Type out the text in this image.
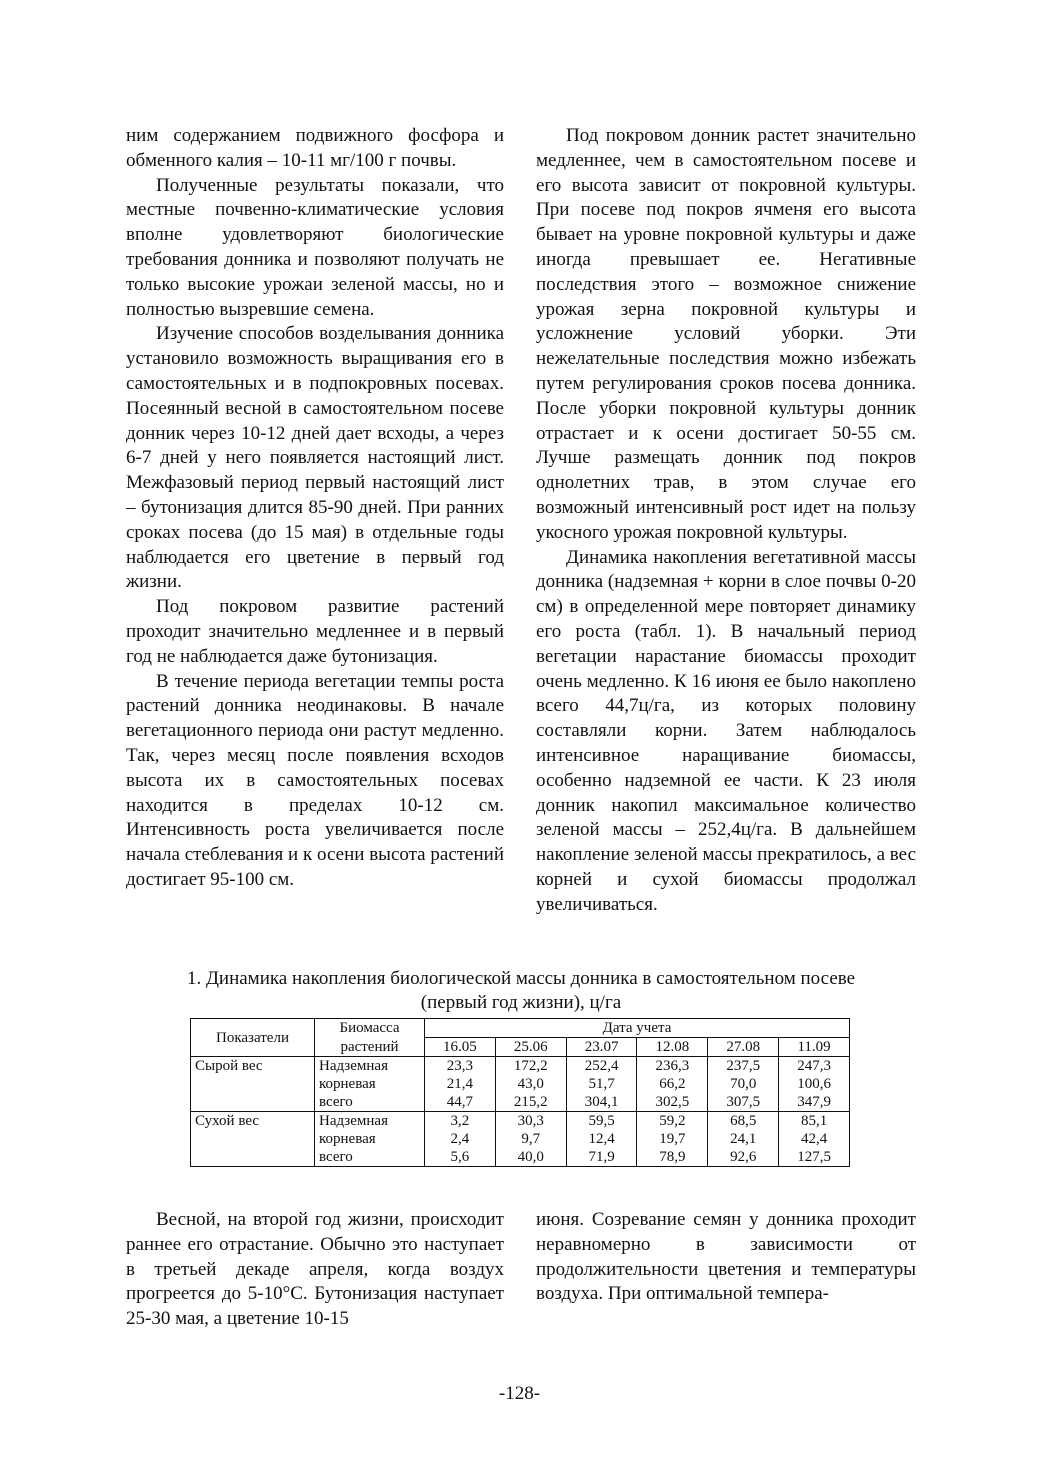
ним содержанием подвижного фосфора и обменного калия – 10-11 мг/100 г почвы.

Полученные результаты показали, что местные почвенно-климатические условия вполне удовлетворяют биологические требования донника и позволяют получать не только высокие урожаи зеленой массы, но и полностью вызревшие семена.

Изучение способов возделывания донника установило возможность выращивания его в самостоятельных и в подпокровных посевах. Посеянный весной в самостоятельном посеве донник через 10-12 дней дает всходы, а через 6-7 дней у него появляется настоящий лист. Межфазовый период первый настоящий лист – бутонизация длится 85-90 дней. При ранних сроках посева (до 15 мая) в отдельные годы наблюдается его цветение в первый год жизни.

Под покровом развитие растений проходит значительно медленнее и в первый год не наблюдается даже бутонизация.

В течение периода вегетации темпы роста растений донника неодинаковы. В начале вегетационного периода они растут медленно. Так, через месяц после появления всходов высота их в самостоятельных посевах находится в пределах 10-12 см. Интенсивность роста увеличивается после начала стеблевания и к осени высота растений достигает 95-100 см.

Под покровом донник растет значительно медленнее, чем в самостоятельном посеве и его высота зависит от покровной культуры. При посеве под покров ячменя его высота бывает на уровне покровной культуры и даже иногда превышает ее. Негативные последствия этого – возможное снижение урожая зерна покровной культуры и усложнение условий уборки. Эти нежелательные последствия можно избежать путем регулирования сроков посева донника. После уборки покровной культуры донник отрастает и к осени достигает 50-55 см. Лучше размещать донник под покров однолетних трав, в этом случае его возможный интенсивный рост идет на пользу укосного урожая покровной культуры.

Динамика накопления вегетативной массы донника (надземная + корни в слое почвы 0-20 см) в определенной мере повторяет динамику его роста (табл. 1). В начальный период вегетации нарастание биомассы проходит очень медленно. К 16 июня ее было накоплено всего 44,7ц/га, из которых половину составляли корни. Затем наблюдалось интенсивное наращивание биомассы, особенно надземной ее части. К 23 июля донник накопил максимальное количество зеленой массы – 252,4ц/га. В дальнейшем накопление зеленой массы прекратилось, а вес корней и сухой биомассы продолжал увеличиваться.

1. Динамика накопления биологической массы донника в самостоятельном посеве
(первый год жизни), ц/га
Показатели	Биомасса	Дата учета					
	растений	16.05	25.06	23.07	12.08	27.08	11.09
Сырой вес	Надземная	23,3	172,2	252,4	236,3	237,5	247,3
	корневая	21,4	43,0	51,7	66,2	70,0	100,6
	всего	44,7	215,2	304,1	302,5	307,5	347,9
Сухой вес	Надземная	3,2	30,3	59,5	59,2	68,5	85,1
	корневая	2,4	9,7	12,4	19,7	24,1	42,4
	всего	5,6	40,0	71,9	78,9	92,6	127,5

Весной, на второй год жизни, происходит раннее его отрастание. Обычно это наступает в третьей декаде апреля, когда воздух прогреется до 5-10°С. Бутонизация наступает 25-30 мая, а цветение 10-15

июня. Созревание семян у донника проходит неравномерно в зависимости от продолжительности цветения и температуры воздуха. При оптимальной темпера-

-128-
